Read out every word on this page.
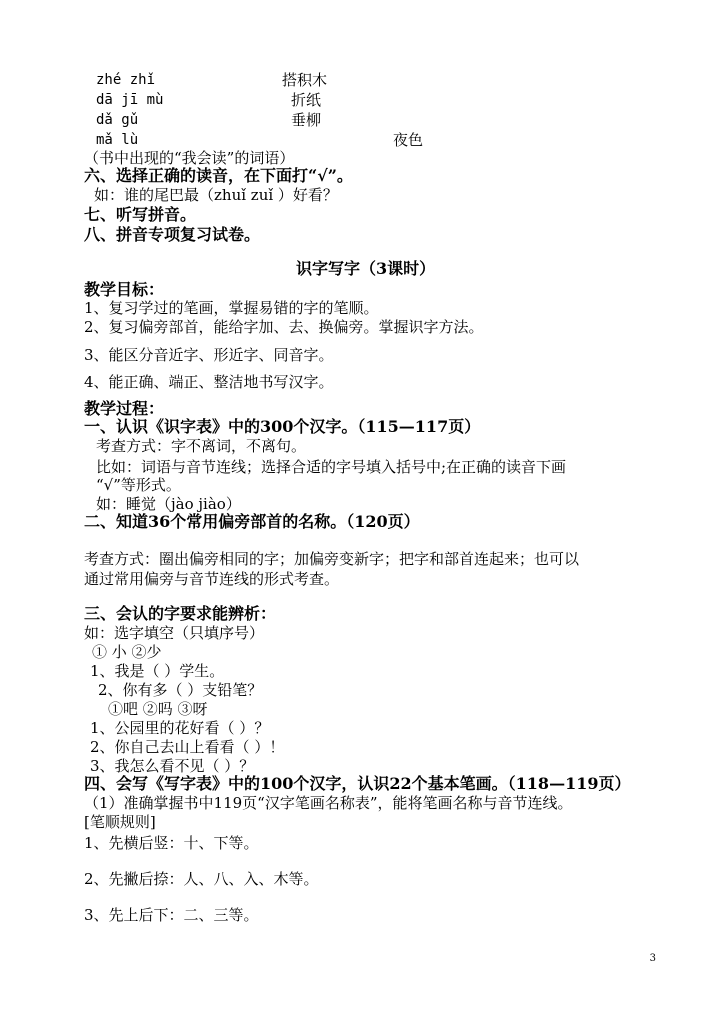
zhé zhǐ	搭积木
dā jī mù	折纸
dǎ gǔ	垂柳
mǎ lù	夜色
（书中出现的“我会读”的词语）
六、选择正确的读音，在下面打“√”。
如：谁的尾巴最（zhuǐ zuǐ ）好看？
七、听写拼音。
八、拼音专项复习试卷。
识字写字（3课时）
教学目标：
1、复习学过的笔画，掌握易错的字的笔顺。
2、复习偏旁部首，能给字加、去、换偏旁。掌握识字方法。
3、能区分音近字、形近字、同音字。
4、能正确、端正、整洁地书写汉字。
教学过程：
一、认识《识字表》中的300个汉字。（115—117页）
考查方式：字不离词，不离句。
比如：词语与音节连线；选择合适的字号填入括号中;在正确的读音下画
“√”等形式。
如：睡觉（jào jiào）
二、知道36个常用偏旁部首的名称。（120页）
考查方式：圈出偏旁相同的字；加偏旁变新字；把字和部首连起来；也可以
通过常用偏旁与音节连线的形式考查。
三、会认的字要求能辨析：
如：选字填空（只填序号）
① 小 ②少
1、我是（ ）学生。
2、你有多（ ）支铅笔？
①吧 ②吗 ③呀
1、公园里的花好看（ ）？
2、你自己去山上看看（ ）！
3、我怎么看不见（ ）？
四、会写《写字表》中的100个汉字，认识22个基本笔画。（118—119页）
（1）准确掌握书中119页“汉字笔画名称表”，能将笔画名称与音节连线。
[笔顺规则]
1、先横后竖：十、下等。
2、先撇后捺：人、八、入、木等。
3、先上后下：二、三等。
3
